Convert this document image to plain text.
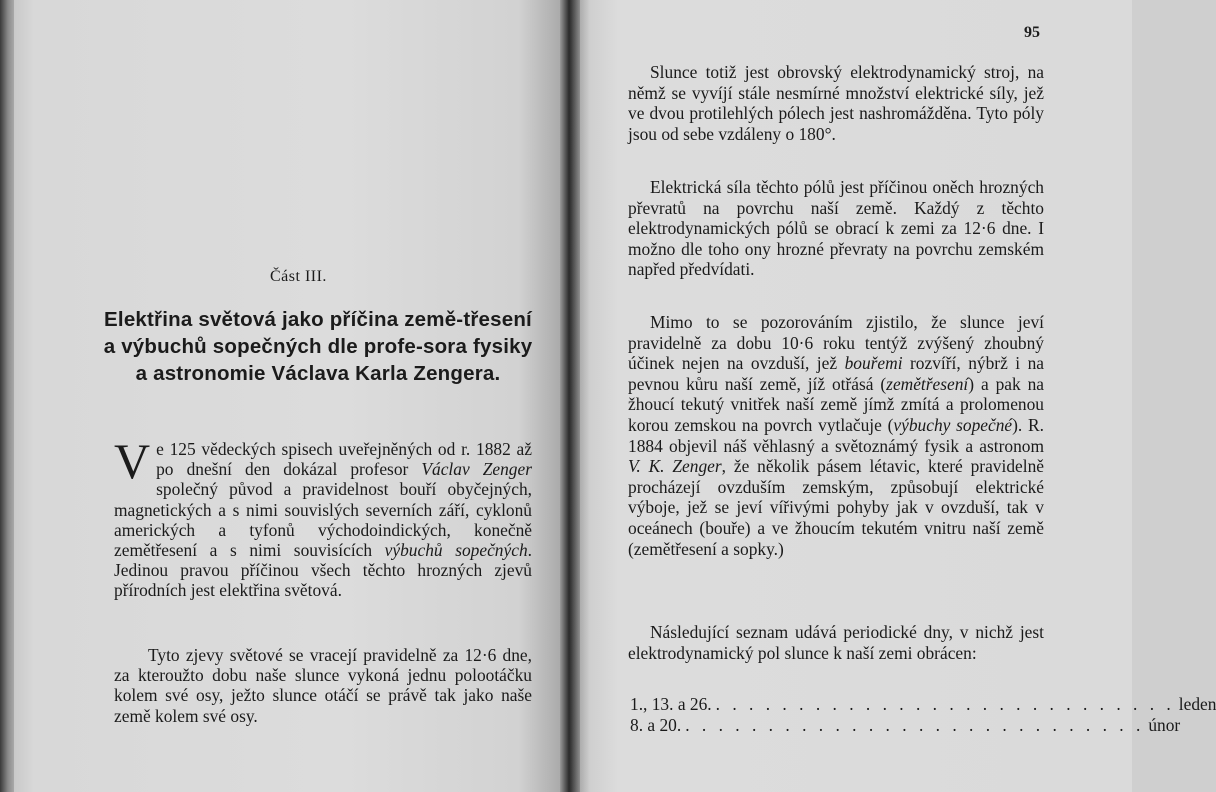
Část III.
Elektřina světová jako příčina země-třesení a výbuchů sopečných dle profe-sora fysiky a astronomie Václava Karla Zengera.
Ve 125 vědeckých spisech uveřejněných od r. 1882 až po dnešní den dokázal profesor Václav Zenger společný původ a pravidelnost bouří obyčejných, magnetických a s nimi souvislých severních září, cyklonů amerických a tyfonů východoindických, konečně zemětřesení a s nimi souvisících výbuchů sopečných. Jedinou pravou příčinou všech těchto hrozných zjevů přírodních jest elektřina světová.
Tyto zjevy světové se vracejí pravidelně za 12·6 dne, za kteroužto dobu naše slunce vykoná jednu polootáčku kolem své osy, ježto slunce otáčí se právě tak jako naše země kolem své osy.
95
Slunce totiž jest obrovský elektrodynamický stroj, na němž se vyvíjí stále nesmírné množství elektrické síly, jež ve dvou protilehlých pólech jest nashromážděna. Tyto póly jsou od sebe vzdáleny o 180°.
Elektrická síla těchto pólů jest příčinou oněch hrozných převratů na povrchu naší země. Každý z těchto elektrodynamických pólů se obrací k zemi za 12·6 dne. I možno dle toho ony hrozné převraty na povrchu zemském napřed předvídati.
Mimo to se pozorováním zjistilo, že slunce jeví pravidelně za dobu 10·6 roku tentýž zvýšený zhoubný účinek nejen na ovzduší, jež bouřemi rozvíří, nýbrž i na pevnou kůru naší země, jíž otřásá (zemětřesení) a pak na žhoucí tekutý vnitřek naší země jímž zmítá a prolomenou korou zemskou na povrch vytlačuje (výbuchy sopečné). R. 1884 objevil náš věhlasný a světoznámý fysik a astronom V. K. Zenger, že několik pásem létavic, které pravidelně procházejí ovzduším zemským, způsobují elektrické výboje, jež se jeví vířivými pohyby jak v ovzduší, tak v oceánech (bouře) a ve žhoucím tekutém vnitru naší země (zemětřesení a sopky.)
Následující seznam udává periodické dny, v nichž jest elektrodynamický pol slunce k naší zemi obrácen:
1., 13. a 26. . . . . . . . . . . . . . . . . . . . . . . . . . . . . leden
8. a 20. . . . . . . . . . . . . . . . . . . . . . . . . . . . . únor
